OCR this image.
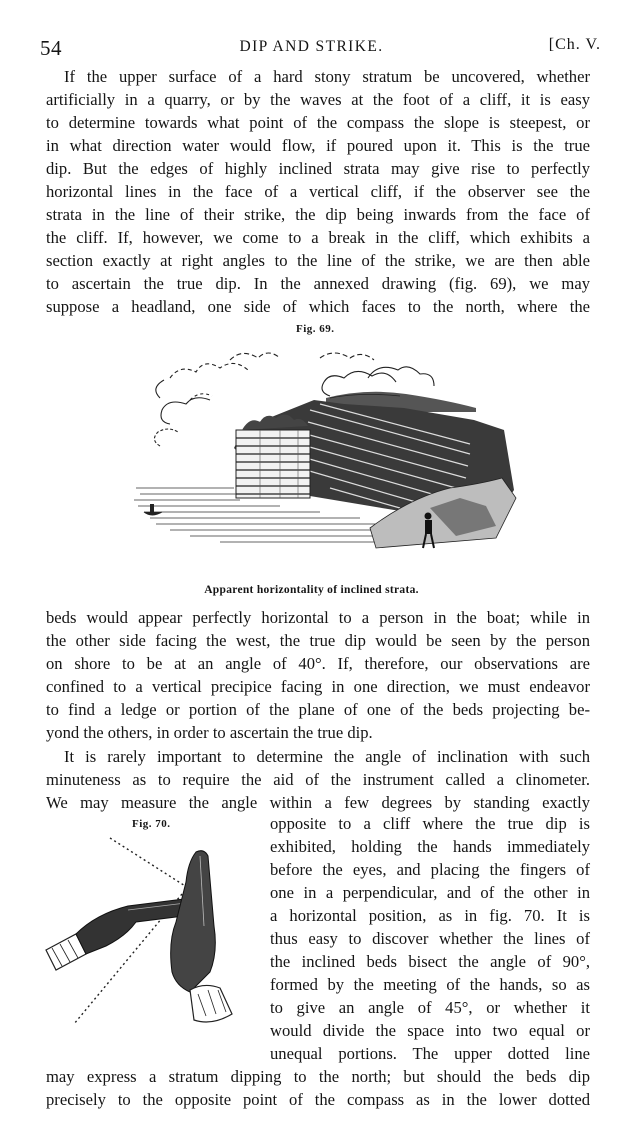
54	DIP AND STRIKE.	[Ch. V.
If the upper surface of a hard stony stratum be uncovered, whether
artificially in a quarry, or by the waves at the foot of a cliff, it is easy
to determine towards what point of the compass the slope is steepest, or
in what direction water would flow, if poured upon it. This is the true
dip. But the edges of highly inclined strata may give rise to perfectly
horizontal lines in the face of a vertical cliff, if the observer see the
strata in the line of their strike, the dip being inwards from the face of
the cliff. If, however, we come to a break in the cliff, which exhibits a
section exactly at right angles to the line of the strike, we are then able
to ascertain the true dip. In the annexed drawing (fig. 69), we may
suppose a headland, one side of which faces to the north, where the
Fig. 69.
Apparent horizontality of inclined strata.
beds would appear perfectly horizontal to a person in the boat; while in
the other side facing the west, the true dip would be seen by the person
on shore to be at an angle of 40°. If, therefore, our observations are
confined to a vertical precipice facing in one direction, we must endeavor
to find a ledge or portion of the plane of one of the beds projecting be-
yond the others, in order to ascertain the true dip.
It is rarely important to determine the angle of inclination with such
minuteness as to require the aid of the instrument called a clinometer.
We may measure the angle within a few degrees by standing exactly
Fig. 70.	opposite to a cliff where the true dip is
exhibited, holding the hands immediately
before the eyes, and placing the fingers of
one in a perpendicular, and of the other in
a horizontal position, as in fig. 70. It is
thus easy to discover whether the lines of
the inclined beds bisect the angle of 90°,
formed by the meeting of the hands, so as
to give an angle of 45°, or whether it
would divide the space into two equal or
unequal portions. The upper dotted line
may express a stratum dipping to the north; but should the beds dip
precisely to the opposite point of the compass as in the lower dotted
